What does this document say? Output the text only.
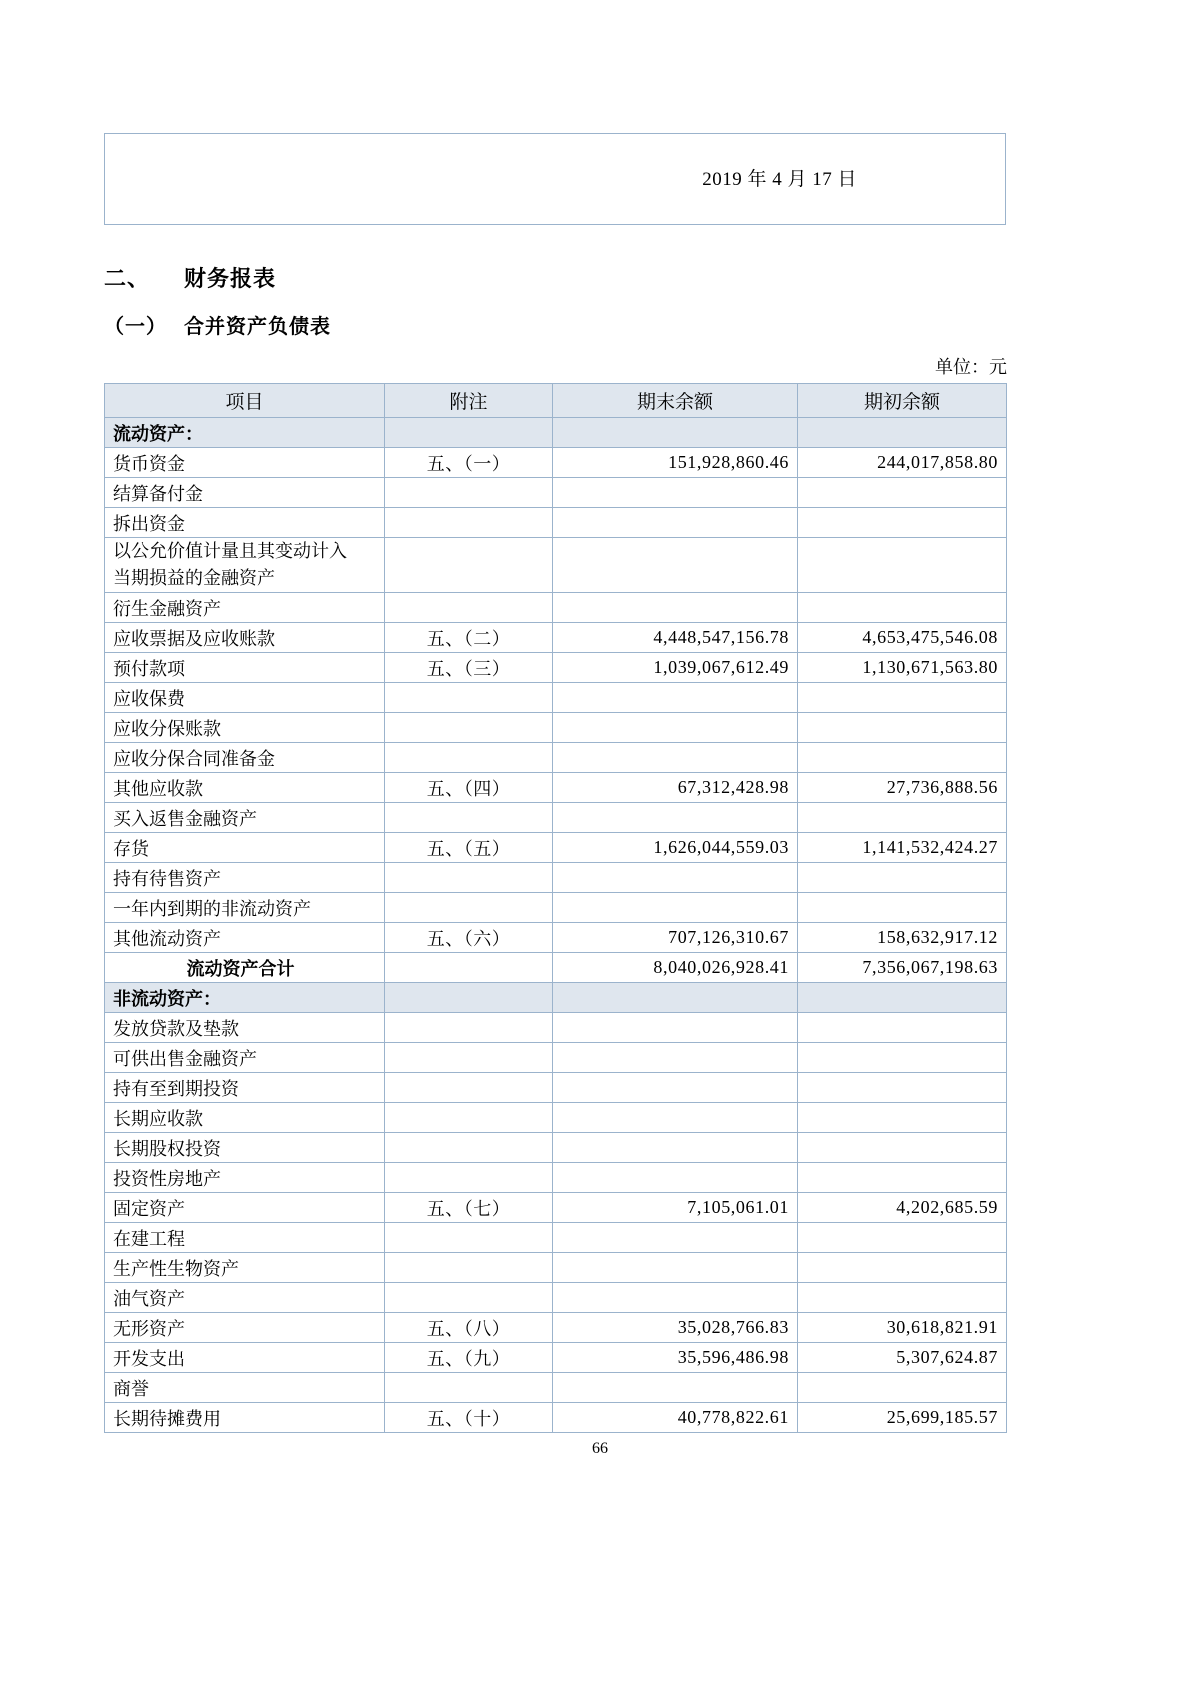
2019 年 4 月 17 日
二、 财务报表
（一） 合并资产负债表
单位：元
项目	附注	期末余额	期初余额
流动资产：			
货币资金	五、（一）	151,928,860.46	244,017,858.80
结算备付金			
拆出资金			

以公允价值计量且其变动计入
当期损益的金融资产			

衍生金融资产			
应收票据及应收账款	五、（二）	4,448,547,156.78	4,653,475,546.08
预付款项	五、（三）	1,039,067,612.49	1,130,671,563.80
应收保费			
应收分保账款			
应收分保合同准备金			
其他应收款	五、（四）	67,312,428.98	27,736,888.56
买入返售金融资产			
存货	五、（五）	1,626,044,559.03	1,141,532,424.27
持有待售资产			
一年内到期的非流动资产			
其他流动资产	五、（六）	707,126,310.67	158,632,917.12
流动资产合计		8,040,026,928.41	7,356,067,198.63
非流动资产：			
发放贷款及垫款			
可供出售金融资产			
持有至到期投资			
长期应收款			
长期股权投资			
投资性房地产			
固定资产	五、（七）	7,105,061.01	4,202,685.59
在建工程			
生产性生物资产			
油气资产			
无形资产	五、（八）	35,028,766.83	30,618,821.91
开发支出	五、（九）	35,596,486.98	5,307,624.87
商誉			
长期待摊费用	五、（十）	40,778,822.61	25,699,185.57
66
